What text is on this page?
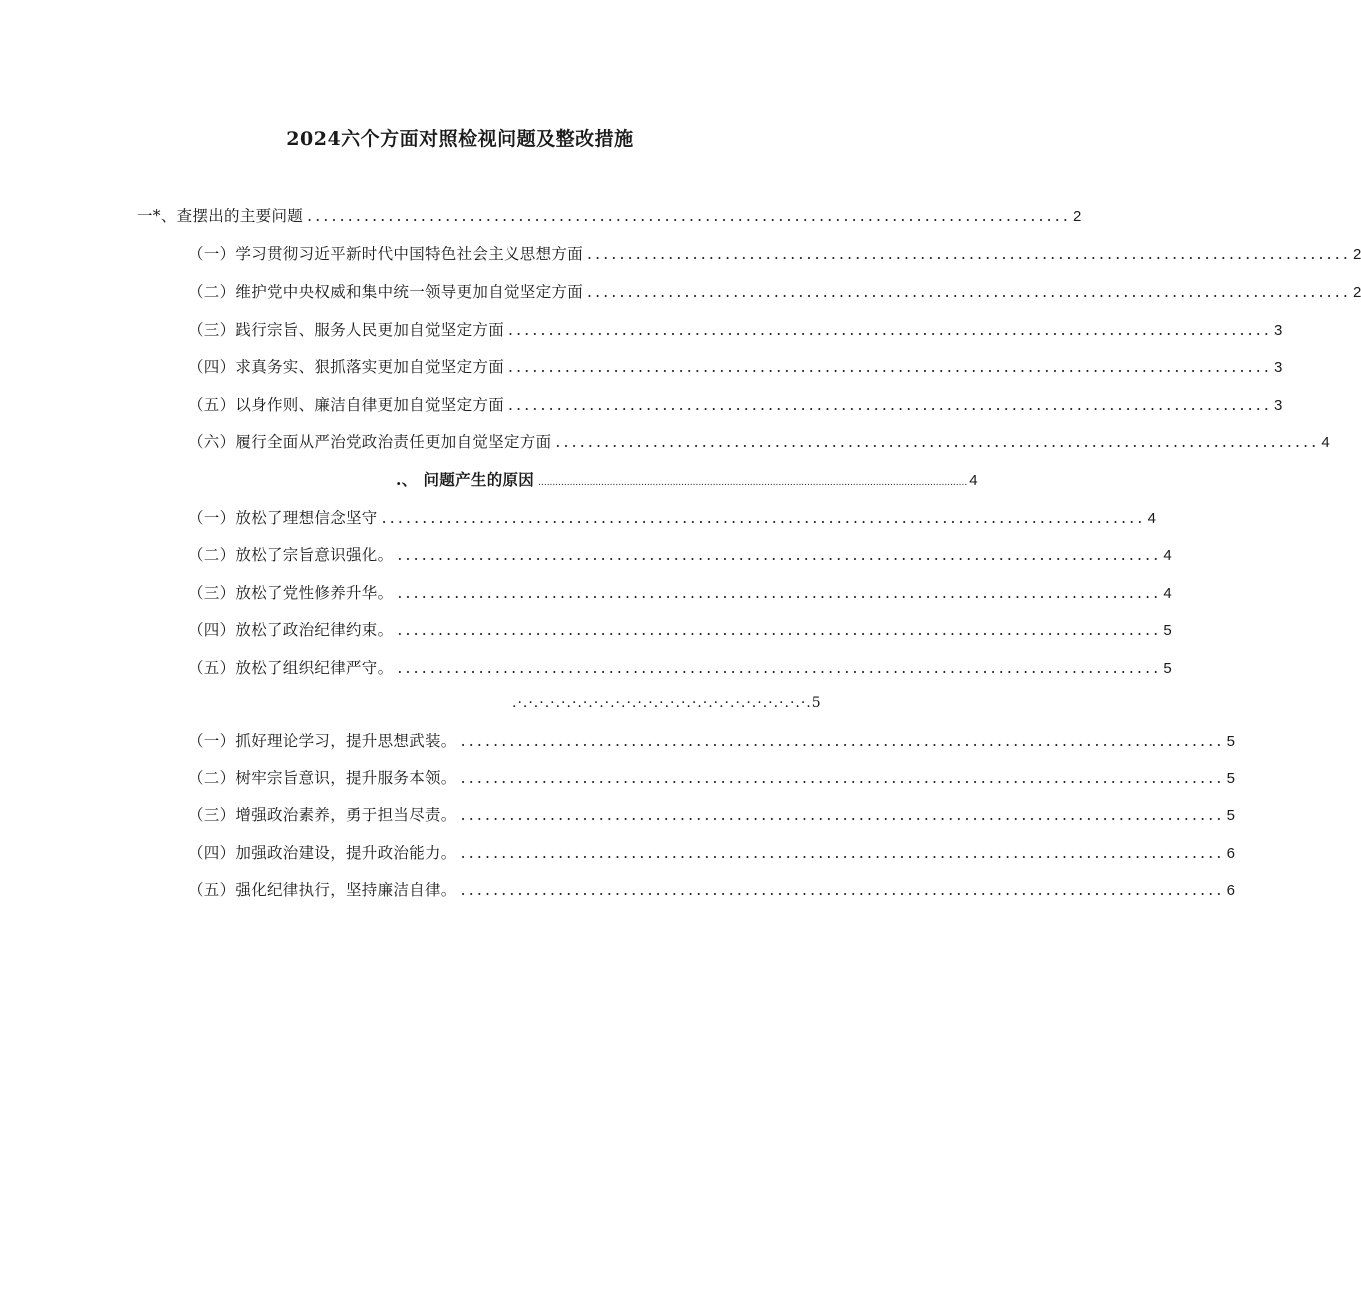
2024六个方面对照检视问题及整改措施
一*、查摆出的主要问题 .............................................................................................. 2
（一）学习贯彻习近平新时代中国特色社会主义思想方面 .............................................................................................. 2
（二）维护党中央权威和集中统一领导更加自觉坚定方面 .............................................................................................. 2
（三）践行宗旨、服务人民更加自觉坚定方面 .............................................................................................. 3
（四）求真务实、狠抓落实更加自觉坚定方面 .............................................................................................. 3
（五）以身作则、廉洁自律更加自觉坚定方面 .............................................................................................. 3
（六）履行全面从严治党政治责任更加自觉坚定方面 .............................................................................................. 4
.、 问题产生的原因 ...................................................................................................................................................... 4
（一）放松了理想信念坚守 .............................................................................................. 4
（二）放松了宗旨意识强化。 .............................................................................................. 4
（三）放松了党性修养升华。 .............................................................................................. 4
（四）放松了政治纪律约束。 .............................................................................................. 5
（五）放松了组织纪律严守。 .............................................................................................. 5
.·.·.·.·.·.·.·.·.·.·.·.·.·.·.·.·.·.·.·.·.·.·.·.·.·.·.·. 5
（一）抓好理论学习，提升思想武装。 .............................................................................................. 5
（二）树牢宗旨意识，提升服务本领。 .............................................................................................. 5
（三）增强政治素养，勇于担当尽责。 .............................................................................................. 5
（四）加强政治建设，提升政治能力。 .............................................................................................. 6
（五）强化纪律执行，坚持廉洁自律。 .............................................................................................. 6
